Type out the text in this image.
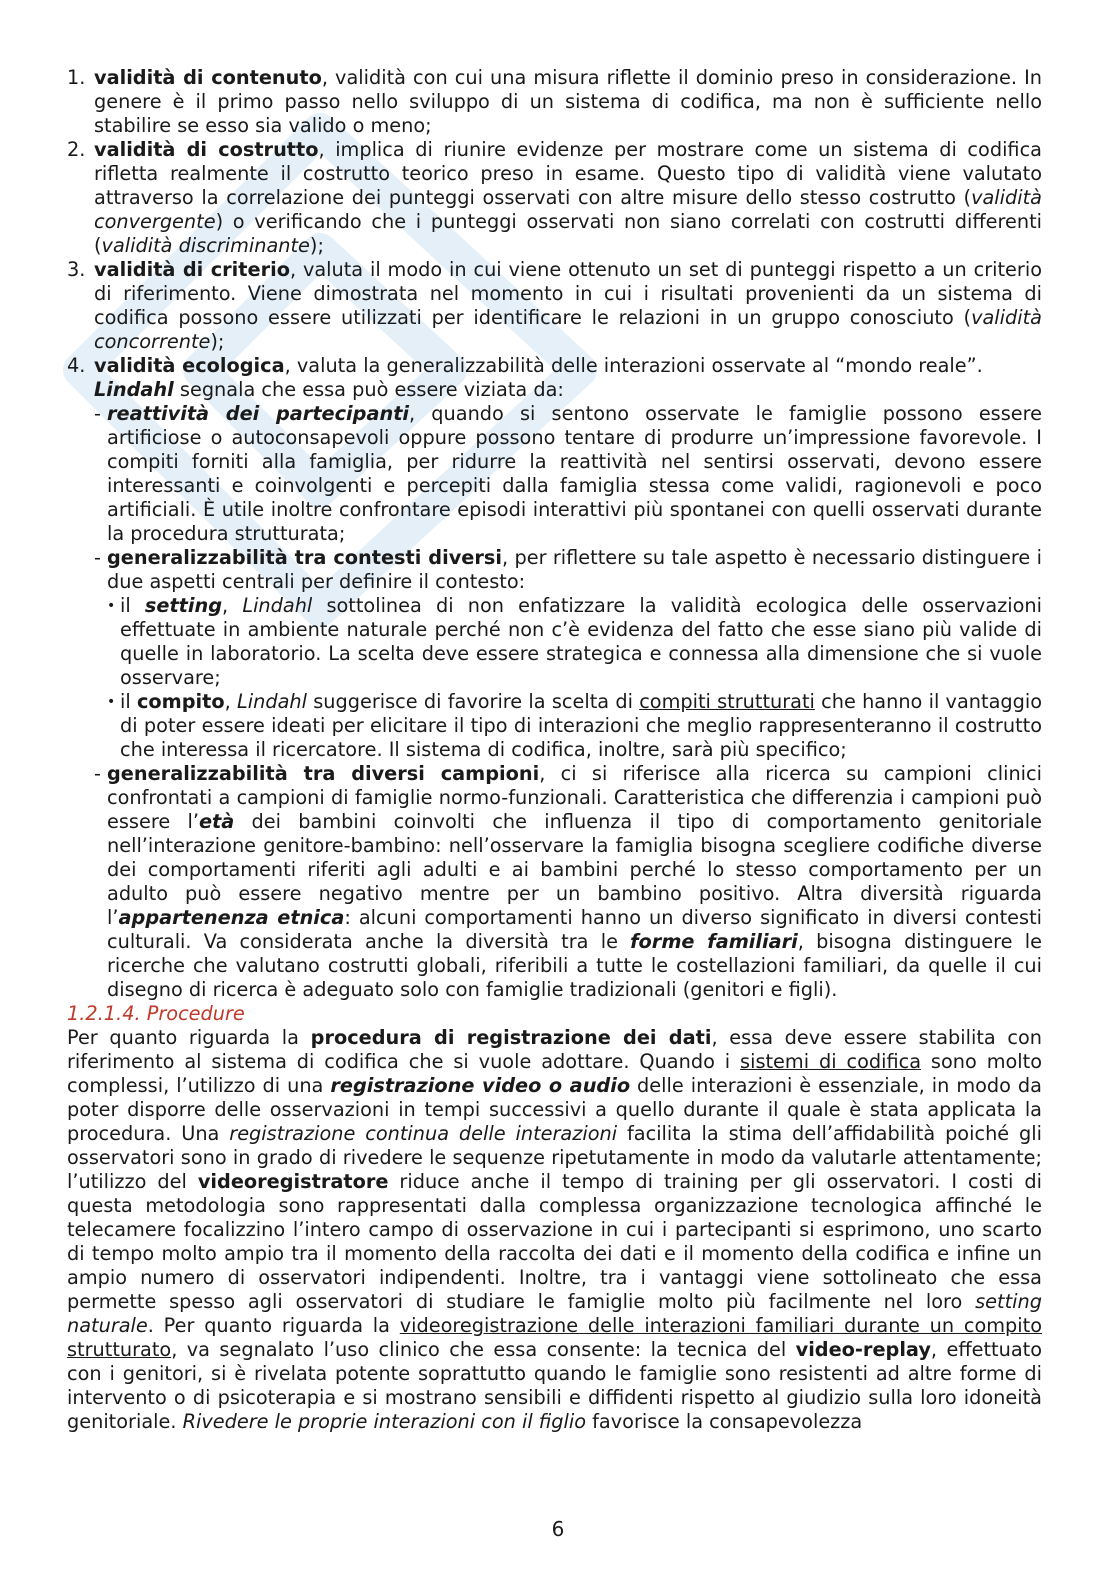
1. validità di contenuto, validità con cui una misura riflette il dominio preso in considerazione. In genere è il primo passo nello sviluppo di un sistema di codifica, ma non è sufficiente nello stabilire se esso sia valido o meno;
2. validità di costrutto, implica di riunire evidenze per mostrare come un sistema di codifica rifletta realmente il costrutto teorico preso in esame. Questo tipo di validità viene valutato attraverso la correlazione dei punteggi osservati con altre misure dello stesso costrutto (validità convergente) o verificando che i punteggi osservati non siano correlati con costrutti differenti (validità discriminante);
3. validità di criterio, valuta il modo in cui viene ottenuto un set di punteggi rispetto a un criterio di riferimento. Viene dimostrata nel momento in cui i risultati provenienti da un sistema di codifica possono essere utilizzati per identificare le relazioni in un gruppo conosciuto (validità concorrente);
4. validità ecologica, valuta la generalizzabilità delle interazioni osservate al “mondo reale”.
Lindahl segnala che essa può essere viziata da:
- reattività dei partecipanti, quando si sentono osservate le famiglie possono essere artificiose o autoconsapevoli oppure possono tentare di produrre un’impressione favorevole. I compiti forniti alla famiglia, per ridurre la reattività nel sentirsi osservati, devono essere interessanti e coinvolgenti e percepiti dalla famiglia stessa come validi, ragionevoli e poco artificiali. È utile inoltre confrontare episodi interattivi più spontanei con quelli osservati durante la procedura strutturata;
- generalizzabilità tra contesti diversi, per riflettere su tale aspetto è necessario distinguere i due aspetti centrali per definire il contesto:
• il setting, Lindahl sottolinea di non enfatizzare la validità ecologica delle osservazioni effettuate in ambiente naturale perché non c’è evidenza del fatto che esse siano più valide di quelle in laboratorio. La scelta deve essere strategica e connessa alla dimensione che si vuole osservare;
• il compito, Lindahl suggerisce di favorire la scelta di compiti strutturati che hanno il vantaggio di poter essere ideati per elicitare il tipo di interazioni che meglio rappresenteranno il costrutto che interessa il ricercatore. Il sistema di codifica, inoltre, sarà più specifico;
- generalizzabilità tra diversi campioni, ci si riferisce alla ricerca su campioni clinici confrontati a campioni di famiglie normo-funzionali. Caratteristica che differenzia i campioni può essere l’età dei bambini coinvolti che influenza il tipo di comportamento genitoriale nell’interazione genitore-bambino: nell’osservare la famiglia bisogna scegliere codifiche diverse dei comportamenti riferiti agli adulti e ai bambini perché lo stesso comportamento per un adulto può essere negativo mentre per un bambino positivo. Altra diversità riguarda l’appartenenza etnica: alcuni comportamenti hanno un diverso significato in diversi contesti culturali. Va considerata anche la diversità tra le forme familiari, bisogna distinguere le ricerche che valutano costrutti globali, riferibili a tutte le costellazioni familiari, da quelle il cui disegno di ricerca è adeguato solo con famiglie tradizionali (genitori e figli).

1.2.1.4. Procedure

Per quanto riguarda la procedura di registrazione dei dati, essa deve essere stabilita con riferimento al sistema di codifica che si vuole adottare. Quando i sistemi di codifica sono molto complessi, l’utilizzo di una registrazione video o audio delle interazioni è essenziale, in modo da poter disporre delle osservazioni in tempi successivi a quello durante il quale è stata applicata la procedura. Una registrazione continua delle interazioni facilita la stima dell’affidabilità poiché gli osservatori sono in grado di rivedere le sequenze ripetutamente in modo da valutarle attentamente; l’utilizzo del videoregistratore riduce anche il tempo di training per gli osservatori. I costi di questa metodologia sono rappresentati dalla complessa organizzazione tecnologica affinché le telecamere focalizzino l’intero campo di osservazione in cui i partecipanti si esprimono, uno scarto di tempo molto ampio tra il momento della raccolta dei dati e il momento della codifica e infine un ampio numero di osservatori indipendenti. Inoltre, tra i vantaggi viene sottolineato che essa permette spesso agli osservatori di studiare le famiglie molto più facilmente nel loro setting naturale. Per quanto riguarda la videoregistrazione delle interazioni familiari durante un compito strutturato, va segnalato l’uso clinico che essa consente: la tecnica del video-replay, effettuato con i genitori, si è rivelata potente soprattutto quando le famiglie sono resistenti ad altre forme di intervento o di psicoterapia e si mostrano sensibili e diffidenti rispetto al giudizio sulla loro idoneità genitoriale. Rivedere le proprie interazioni con il figlio favorisce la consapevolezza

6
